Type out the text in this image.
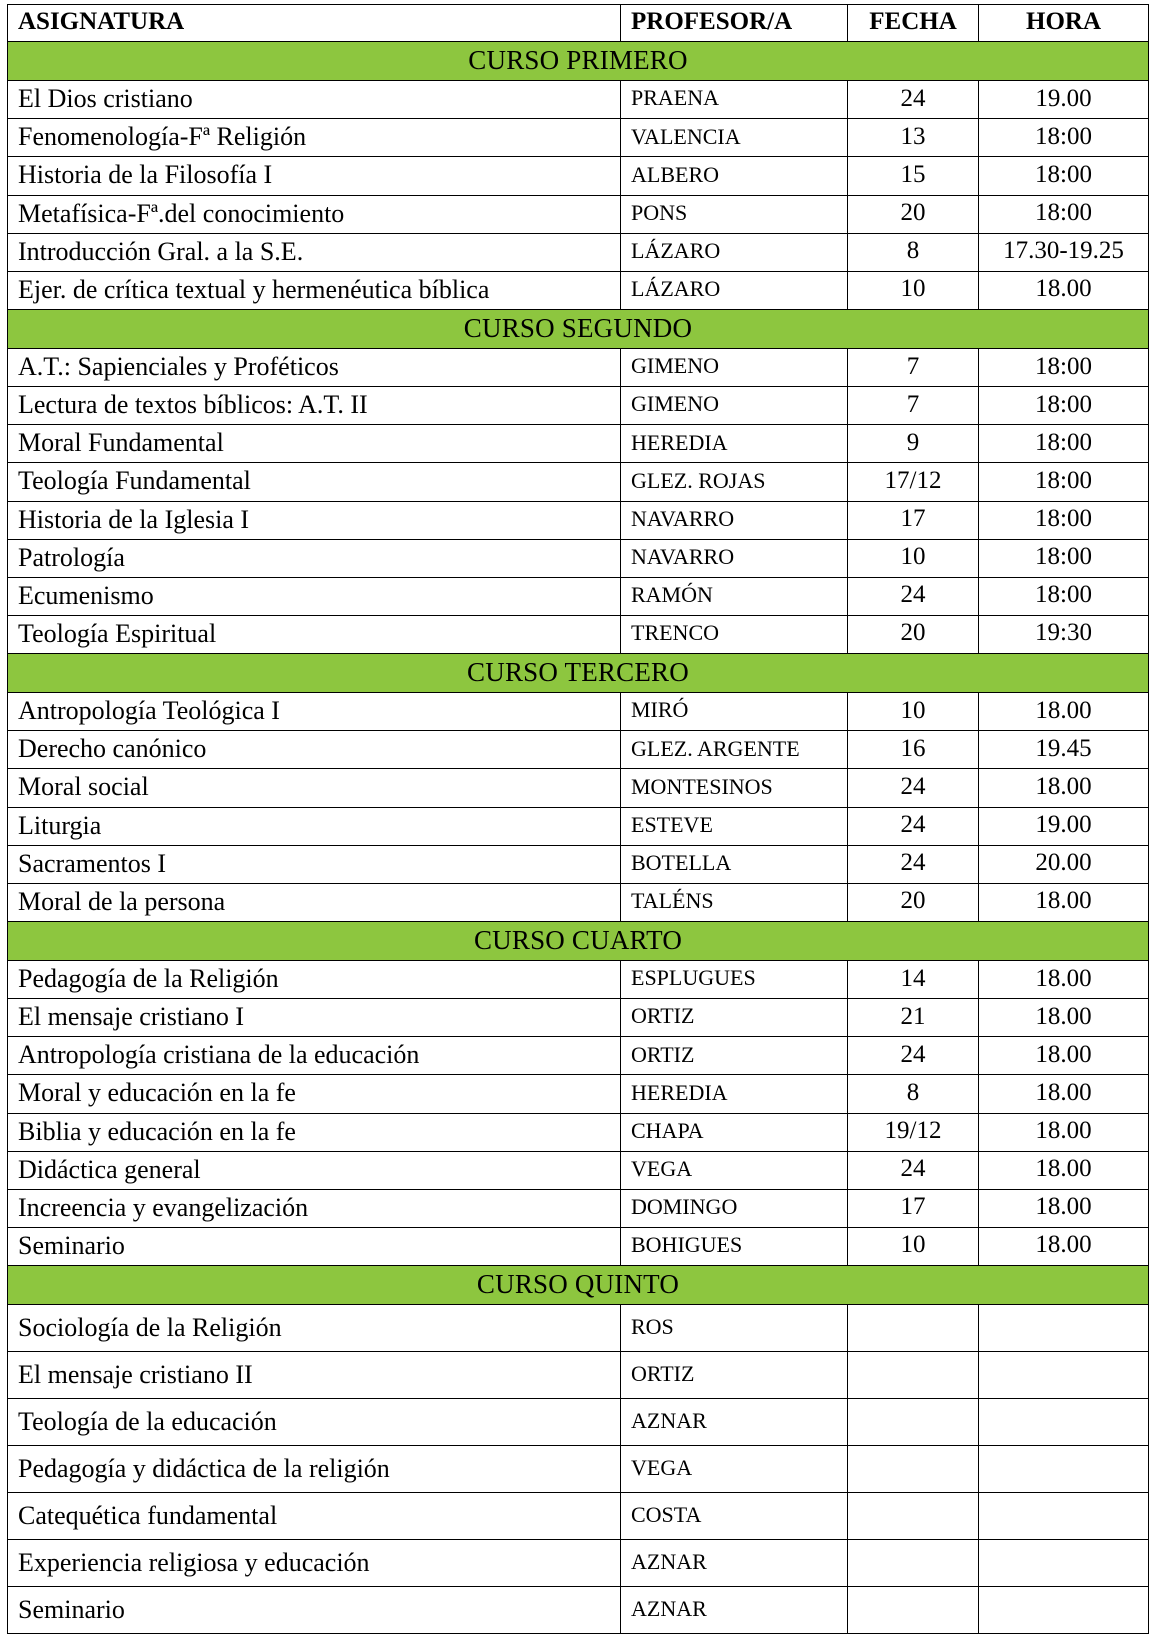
ASIGNATURA	PROFESOR/A	FECHA	HORA

CURSO PRIMERO			

El Dios cristiano	PRAENA	24	19.00

Fenomenología-Fª Religión	VALENCIA	13	18:00

Historia de la Filosofía I	ALBERO	15	18:00

Metafísica-Fª.del conocimiento	PONS	20	18:00

Introducción Gral. a la S.E.	LÁZARO	8	17.30-19.25

Ejer. de crítica textual y hermenéutica bíblica	LÁZARO	10	18.00

CURSO SEGUNDO			

A.T.: Sapienciales y Proféticos	GIMENO	7	18:00

Lectura de textos bíblicos: A.T. II	GIMENO	7	18:00

Moral Fundamental	HEREDIA	9	18:00

Teología Fundamental	GLEZ. ROJAS	17/12	18:00

Historia de la Iglesia I	NAVARRO	17	18:00

Patrología	NAVARRO	10	18:00

Ecumenismo	RAMÓN	24	18:00

Teología Espiritual	TRENCO	20	19:30

CURSO TERCERO			

Antropología Teológica I	MIRÓ	10	18.00

Derecho canónico	GLEZ. ARGENTE	16	19.45

Moral social	MONTESINOS	24	18.00

Liturgia	ESTEVE	24	19.00

Sacramentos I	BOTELLA	24	20.00

Moral de la persona	TALÉNS	20	18.00

CURSO CUARTO			

Pedagogía de la Religión	ESPLUGUES	14	18.00

El mensaje cristiano I	ORTIZ	21	18.00

Antropología cristiana de la educación	ORTIZ	24	18.00

Moral y educación en la fe	HEREDIA	8	18.00

Biblia y educación en la fe	CHAPA	19/12	18.00

Didáctica general	VEGA	24	18.00

Increencia y evangelización	DOMINGO	17	18.00

Seminario	BOHIGUES	10	18.00

CURSO QUINTO			

Sociología de la Religión	ROS		

El mensaje cristiano II	ORTIZ		

Teología de la educación	AZNAR		

Pedagogía y didáctica de la religión	VEGA		

Catequética fundamental	COSTA		

Experiencia religiosa y educación	AZNAR		

Seminario	AZNAR		
